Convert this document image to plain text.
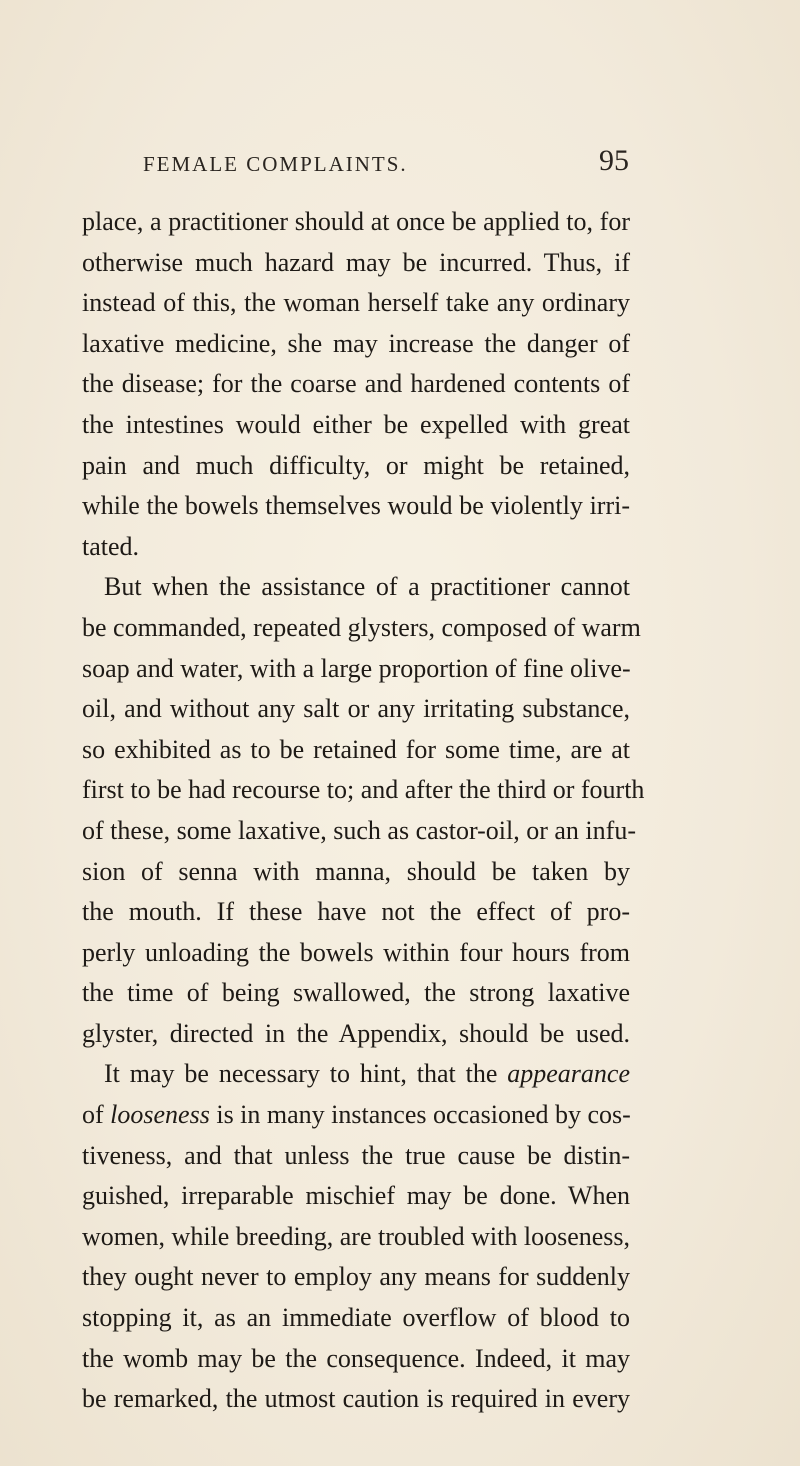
FEMALE COMPLAINTS.	95
place, a practitioner should at once be applied to, for
otherwise much hazard may be incurred. Thus, if
instead of this, the woman herself take any ordinary
laxative medicine, she may increase the danger of
the disease; for the coarse and hardened contents of
the intestines would either be expelled with great
pain and much difficulty, or might be retained,
while the bowels themselves would be violently irri-
tated.
But when the assistance of a practitioner cannot
be commanded, repeated glysters, composed of warm
soap and water, with a large proportion of fine olive-
oil, and without any salt or any irritating substance,
so exhibited as to be retained for some time, are at
first to be had recourse to; and after the third or fourth
of these, some laxative, such as castor-oil, or an infu-
sion of senna with manna, should be taken by
the mouth. If these have not the effect of pro-
perly unloading the bowels within four hours from
the time of being swallowed, the strong laxative
glyster, directed in the Appendix, should be used.
It may be necessary to hint, that the appearance
of looseness is in many instances occasioned by cos-
tiveness, and that unless the true cause be distin-
guished, irreparable mischief may be done. When
women, while breeding, are troubled with looseness,
they ought never to employ any means for suddenly
stopping it, as an immediate overflow of blood to
the womb may be the consequence. Indeed, it may
be remarked, the utmost caution is required in every
